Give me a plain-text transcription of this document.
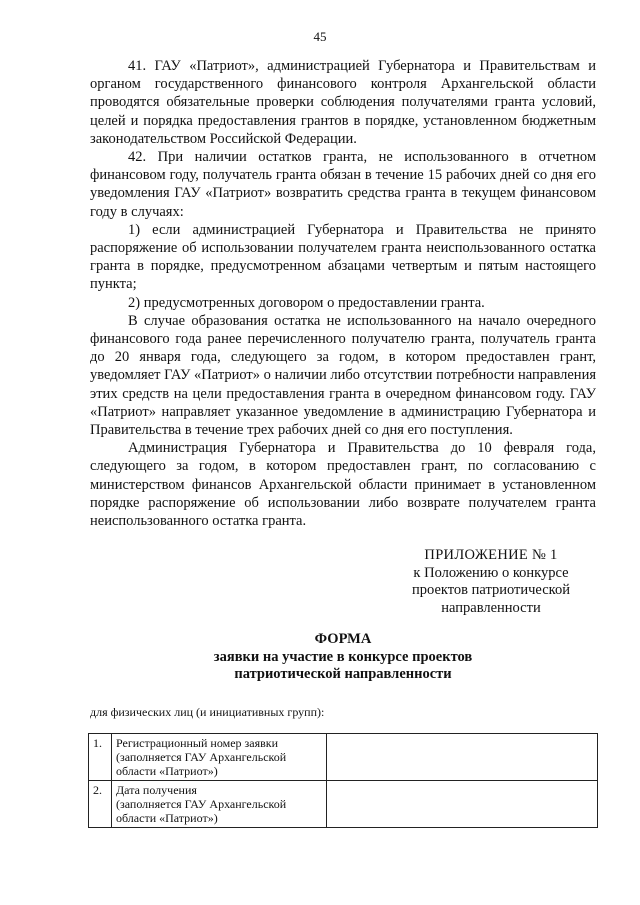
45

41. ГАУ «Патриот», администрацией Губернатора и Правительствам и органом государственного финансового контроля Архангельской области проводятся обязательные проверки соблюдения получателями гранта условий, целей и порядка предоставления грантов в порядке, установленном бюджетным законодательством Российской Федерации.

42. При наличии остатков гранта, не использованного в отчетном финансовом году, получатель гранта обязан в течение 15 рабочих дней со дня его уведомления ГАУ «Патриот» возвратить средства гранта в текущем финансовом году в случаях:

1) если администрацией Губернатора и Правительства не принято распоряжение об использовании получателем гранта неиспользованного остатка гранта в порядке, предусмотренном абзацами четвертым и пятым настоящего пункта;

2) предусмотренных договором о предоставлении гранта.

В случае образования остатка не использованного на начало очередного финансового года ранее перечисленного получателю гранта, получатель гранта до 20 января года, следующего за годом, в котором предоставлен грант, уведомляет ГАУ «Патриот» о наличии либо отсутствии потребности направления этих средств на цели предоставления гранта в очередном финансовом году. ГАУ «Патриот» направляет указанное уведомление в администрацию Губернатора и Правительства в течение трех рабочих дней со дня его поступления.

Администрация Губернатора и Правительства до 10 февраля года, следующего за годом, в котором предоставлен грант, по согласованию с министерством финансов Архангельской области принимает в установленном порядке распоряжение об использовании либо возврате получателем гранта неиспользованного остатка гранта.

ПРИЛОЖЕНИЕ № 1
к Положению о конкурсе
проектов патриотической
направленности
ФОРМА
заявки на участие в конкурсе проектов
патриотической направленности
для физических лиц (и инициативных групп):
1.	Регистрационный номер заявки
(заполняется ГАУ Архангельской
области «Патриот»)	

2.	Дата получения
(заполняется ГАУ Архангельской
области «Патриот»)	
